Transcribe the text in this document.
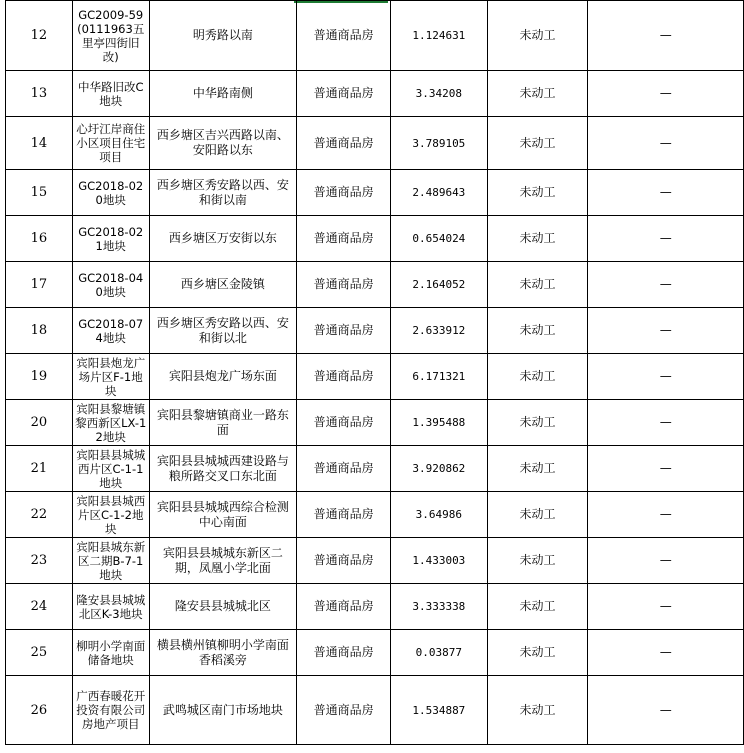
12	GC2009-59(0111963五里亭四街旧改)	明秀路以南	普通商品房	1.124631	未动工	—
13	中华路旧改C地块	中华路南侧	普通商品房	3.34208	未动工	—
14	心圩江岸商住小区项目住宅项目	西乡塘区吉兴西路以南、安阳路以东	普通商品房	3.789105	未动工	—
15	GC2018-020地块	西乡塘区秀安路以西、安和街以南	普通商品房	2.489643	未动工	—
16	GC2018-021地块	西乡塘区万安街以东	普通商品房	0.654024	未动工	—
17	GC2018-040地块	西乡塘区金陵镇	普通商品房	2.164052	未动工	—
18	GC2018-074地块	西乡塘区秀安路以西、安和街以北	普通商品房	2.633912	未动工	—
19	宾阳县炮龙广场片区F-1地块	宾阳县炮龙广场东面	普通商品房	6.171321	未动工	—
20	宾阳县黎塘镇黎西新区LX-12地块	宾阳县黎塘镇商业一路东面	普通商品房	1.395488	未动工	—
21	宾阳县县城城西片区C-1-1地块	宾阳县县城城西建设路与粮所路交叉口东北面	普通商品房	3.920862	未动工	—
22	宾阳县县城西片区C-1-2地块	宾阳县县城城西综合检测中心南面	普通商品房	3.64986	未动工	—
23	宾阳县城东新区二期B-7-1地块	宾阳县县城城东新区二期，凤凰小学北面	普通商品房	1.433003	未动工	—
24	隆安县县城城北区K-3地块	隆安县县城城北区	普通商品房	3.333338	未动工	—
25	柳明小学南面储备地块	横县横州镇柳明小学南面香稻溪旁	普通商品房	0.03877	未动工	—
26	广西春暖花开投资有限公司房地产项目	武鸣城区南门市场地块	普通商品房	1.534887	未动工	—
